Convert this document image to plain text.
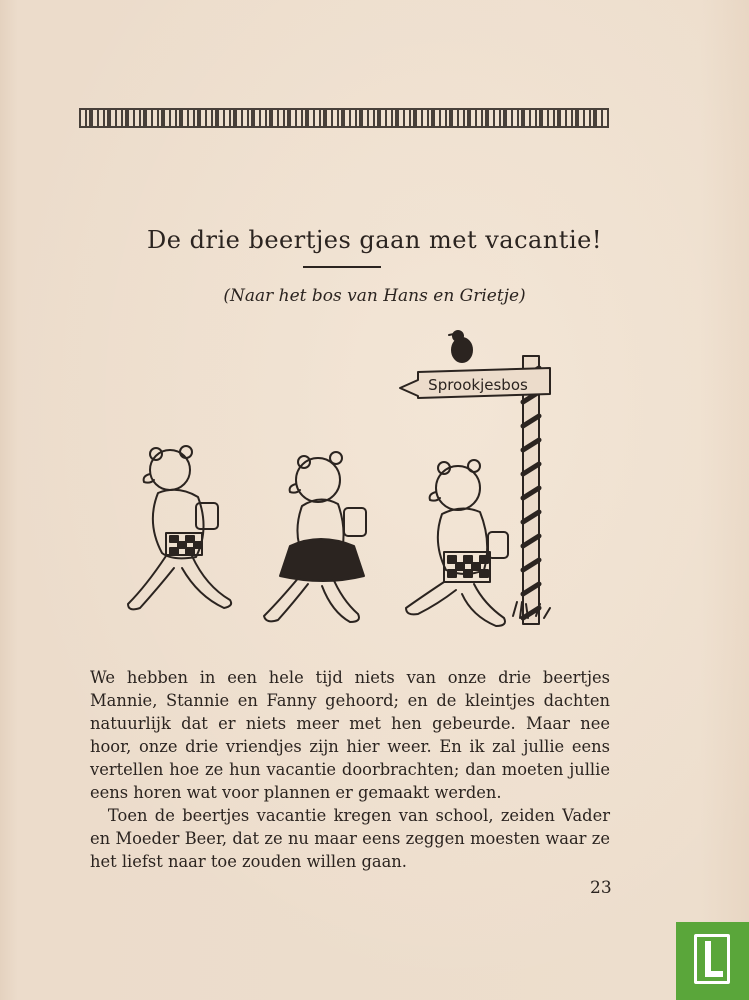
De drie beertjes gaan met vacantie!
(Naar het bos van Hans en Grietje)
Sprookjesbos

We hebben in een hele tijd niets van onze drie beertjes Mannie, Stannie en Fanny gehoord; en de kleintjes dachten natuurlijk dat er niets meer met hen gebeurde. Maar nee hoor, onze drie vriendjes zijn hier weer. En ik zal jullie eens vertellen hoe ze hun vacantie doorbrachten; dan moeten jullie eens horen wat voor plannen er gemaakt werden.

Toen de beertjes vacantie kregen van school, zeiden Vader en Moeder Beer, dat ze nu maar eens zeggen moesten waar ze het liefst naar toe zouden willen gaan.

23
